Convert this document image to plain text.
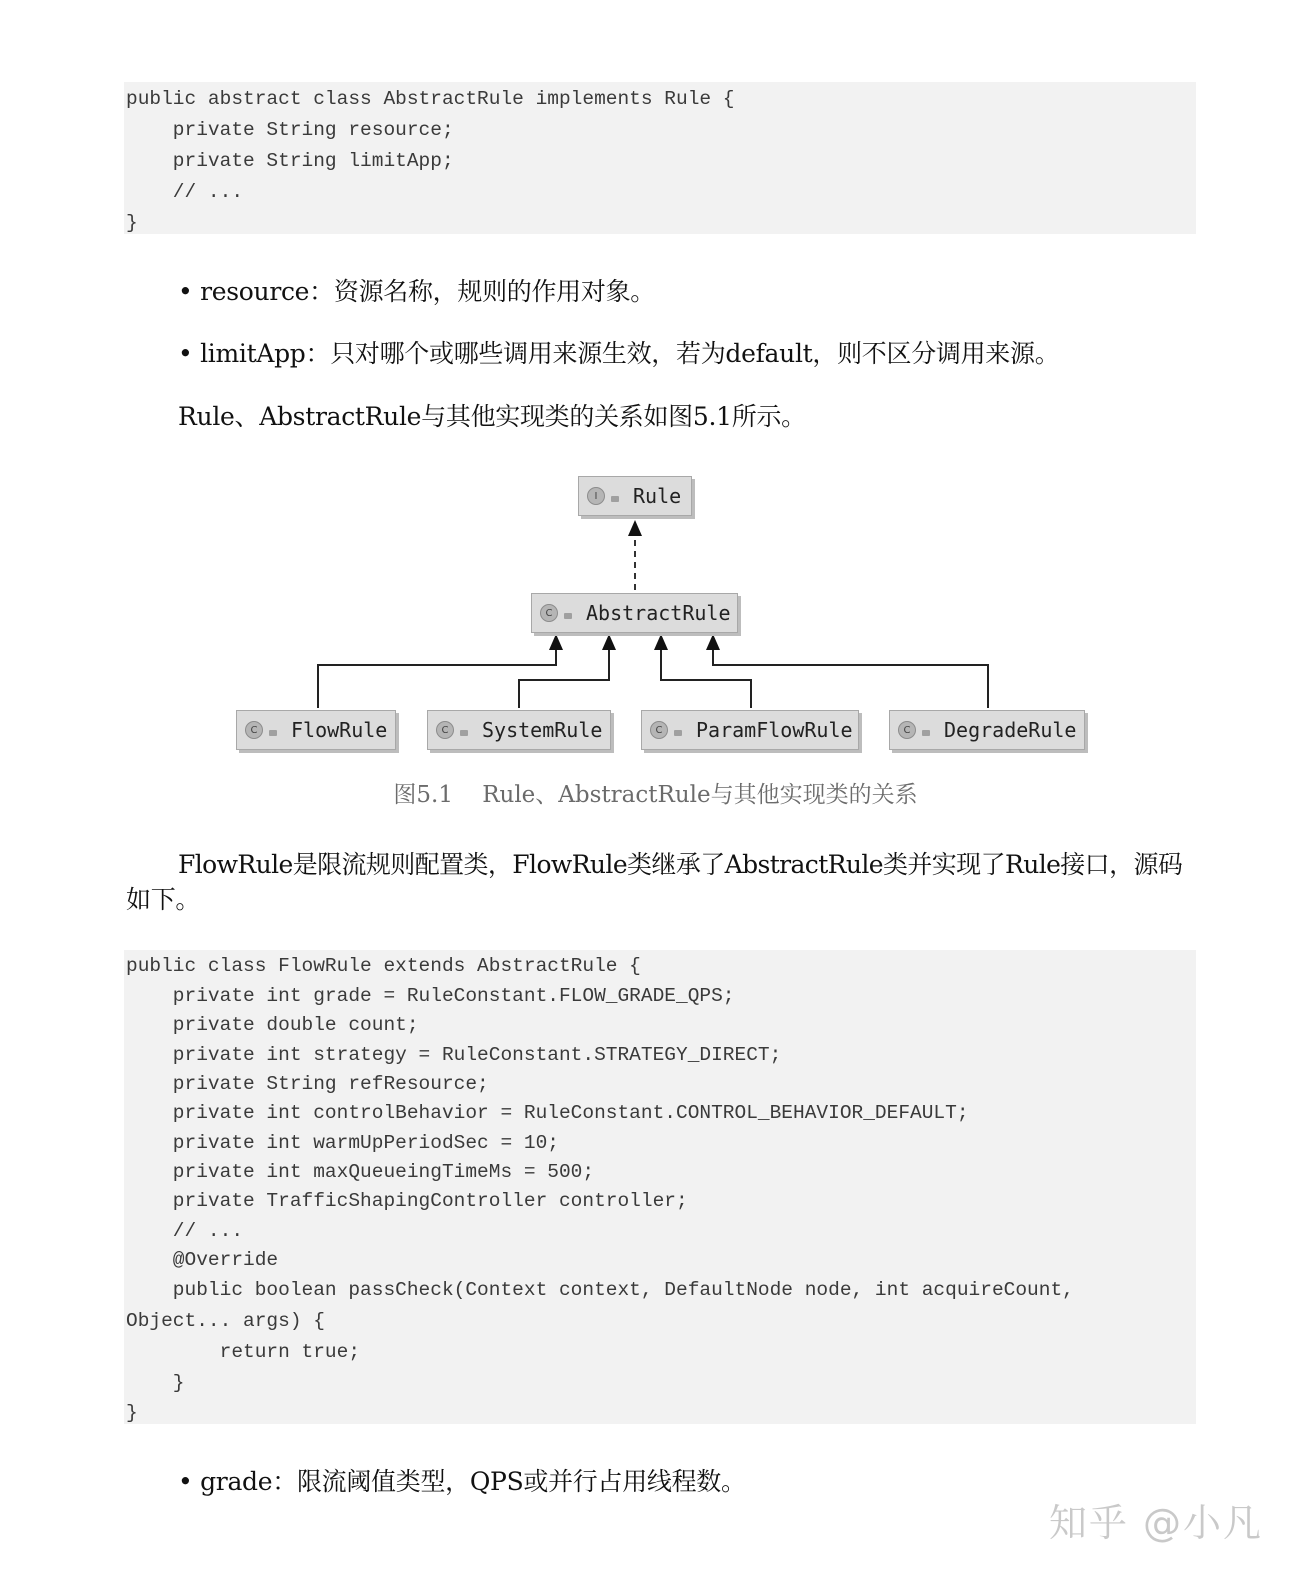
public abstract class AbstractRule implements Rule {
private String resource;
private String limitApp;
// ...
}
• resource：资源名称，规则的作用对象。
• limitApp：只对哪个或哪些调用来源生效，若为default，则不区分调用来源。
Rule、AbstractRule与其他实现类的关系如图5.1所示。
I	Rule
C AbstractRule
C FlowRule	C SystemRule	C ParamFlowRule	C DegradeRule
图5.1    Rule、AbstractRule与其他实现类的关系
FlowRule是限流规则配置类，FlowRule类继承了AbstractRule类并实现了Rule接口，源码
如下。
public class FlowRule extends AbstractRule {
private int grade = RuleConstant.FLOW_GRADE_QPS;
private double count;
private int strategy = RuleConstant.STRATEGY_DIRECT;
private String refResource;
private int controlBehavior = RuleConstant.CONTROL_BEHAVIOR_DEFAULT;
private int warmUpPeriodSec = 10;
private int maxQueueingTimeMs = 500;
private TrafficShapingController controller;
// ...
@Override
public boolean passCheck(Context context, DefaultNode node, int acquireCount,
Object... args) {
return true;
}
}
• grade：限流阈值类型，QPS或并行占用线程数。
知乎 @小凡
